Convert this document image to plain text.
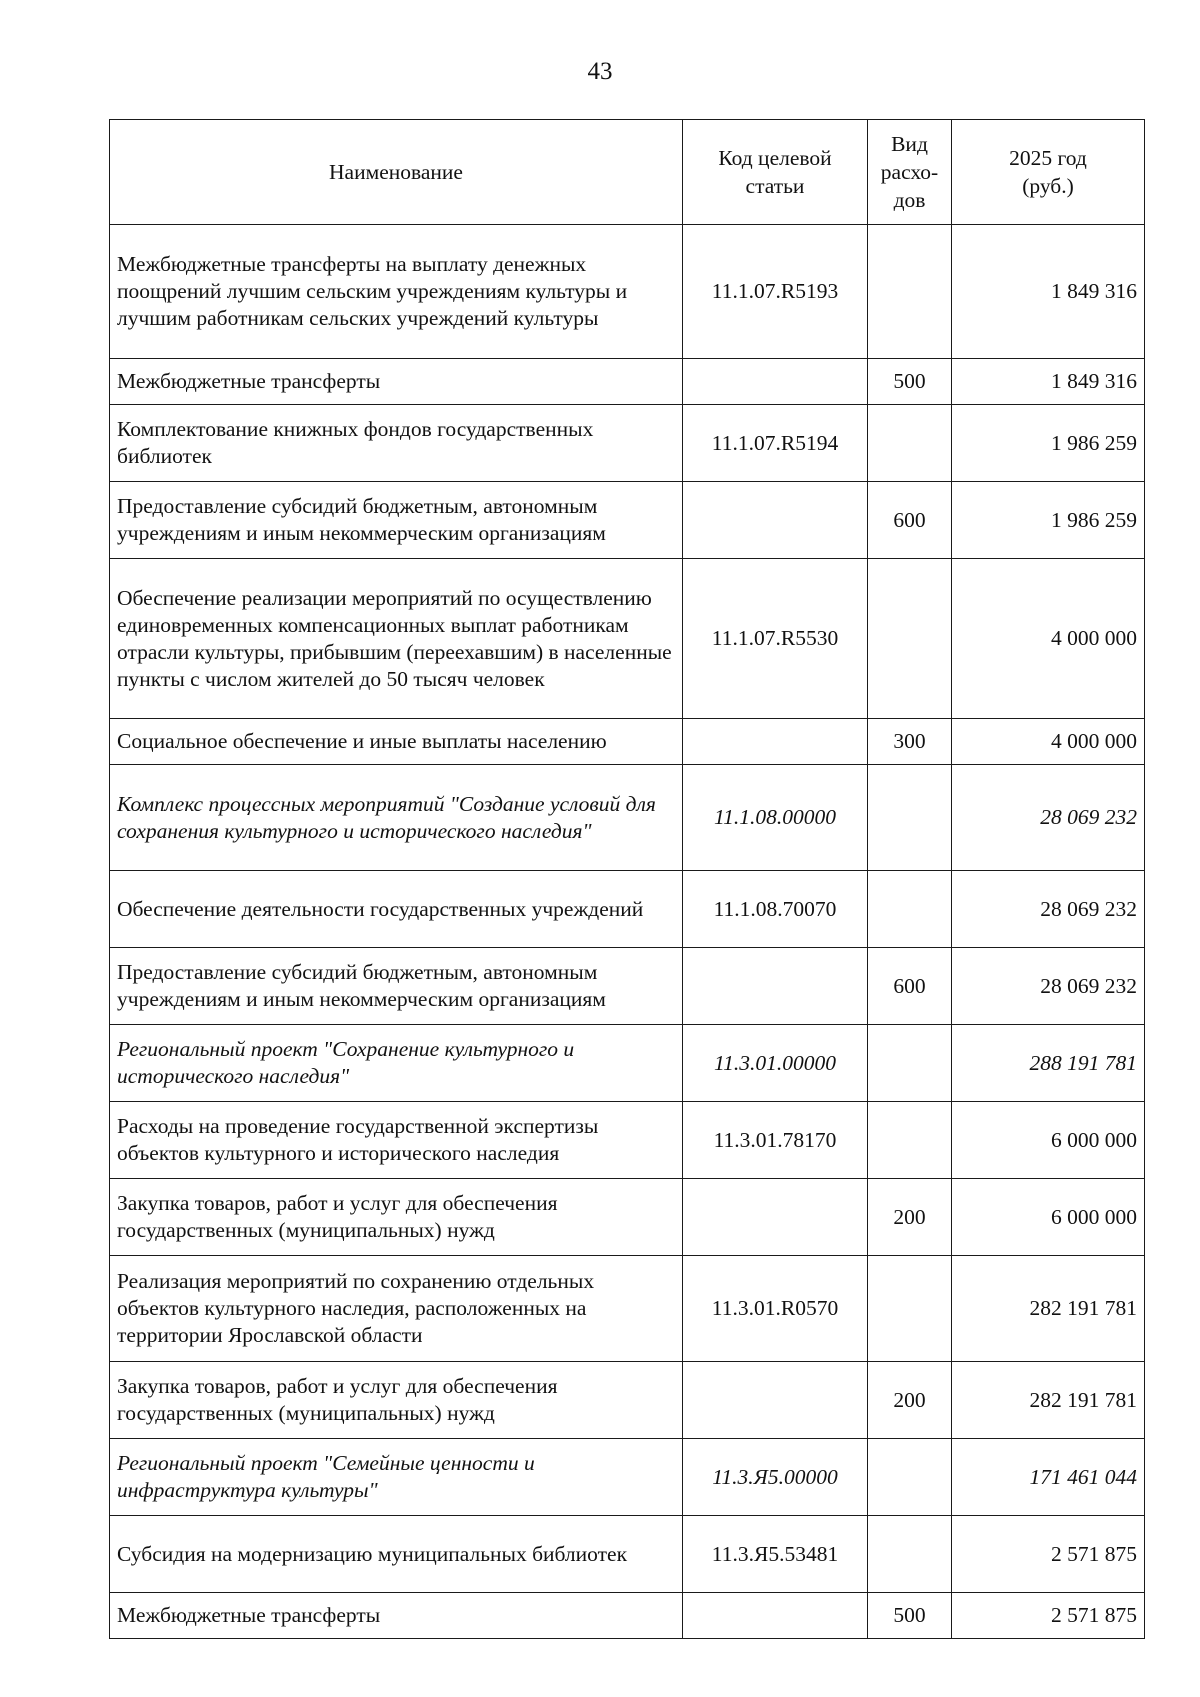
43
Наименование	Код целевой статьи	Вид расхо-дов	2025 год (руб.)

Межбюджетные трансферты на выплату денежных поощрений лучшим сельским учреждениям культуры и лучшим работникам сельских учреждений культуры	11.1.07.R5193		1 849 316
Межбюджетные трансферты		500	1 849 316
Комплектование книжных фондов государственных библиотек	11.1.07.R5194		1 986 259
Предоставление субсидий бюджетным, автономным учреждениям и иным некоммерческим организациям		600	1 986 259
Обеспечение реализации мероприятий по осуществлению единовременных компенсационных выплат работникам отрасли культуры, прибывшим (переехавшим) в населенные пункты с числом жителей до 50 тысяч человек	11.1.07.R5530		4 000 000
Социальное обеспечение и иные выплаты населению		300	4 000 000
Комплекс процессных мероприятий "Создание условий для сохранения культурного и исторического наследия"	11.1.08.00000		28 069 232
Обеспечение деятельности государственных учреждений	11.1.08.70070		28 069 232
Предоставление субсидий бюджетным, автономным учреждениям и иным некоммерческим организациям		600	28 069 232
Региональный проект "Сохранение культурного и исторического наследия"	11.3.01.00000		288 191 781
Расходы на проведение государственной экспертизы объектов культурного и исторического наследия	11.3.01.78170		6 000 000
Закупка товаров, работ и услуг для обеспечения государственных (муниципальных) нужд		200	6 000 000
Реализация мероприятий по сохранению отдельных объектов культурного наследия, расположенных на территории Ярославской области	11.3.01.R0570		282 191 781
Закупка товаров, работ и услуг для обеспечения государственных (муниципальных) нужд		200	282 191 781
Региональный проект "Семейные ценности и инфраструктура культуры"	11.3.Я5.00000		171 461 044
Субсидия на модернизацию муниципальных библиотек	11.3.Я5.53481		2 571 875
Межбюджетные трансферты		500	2 571 875
